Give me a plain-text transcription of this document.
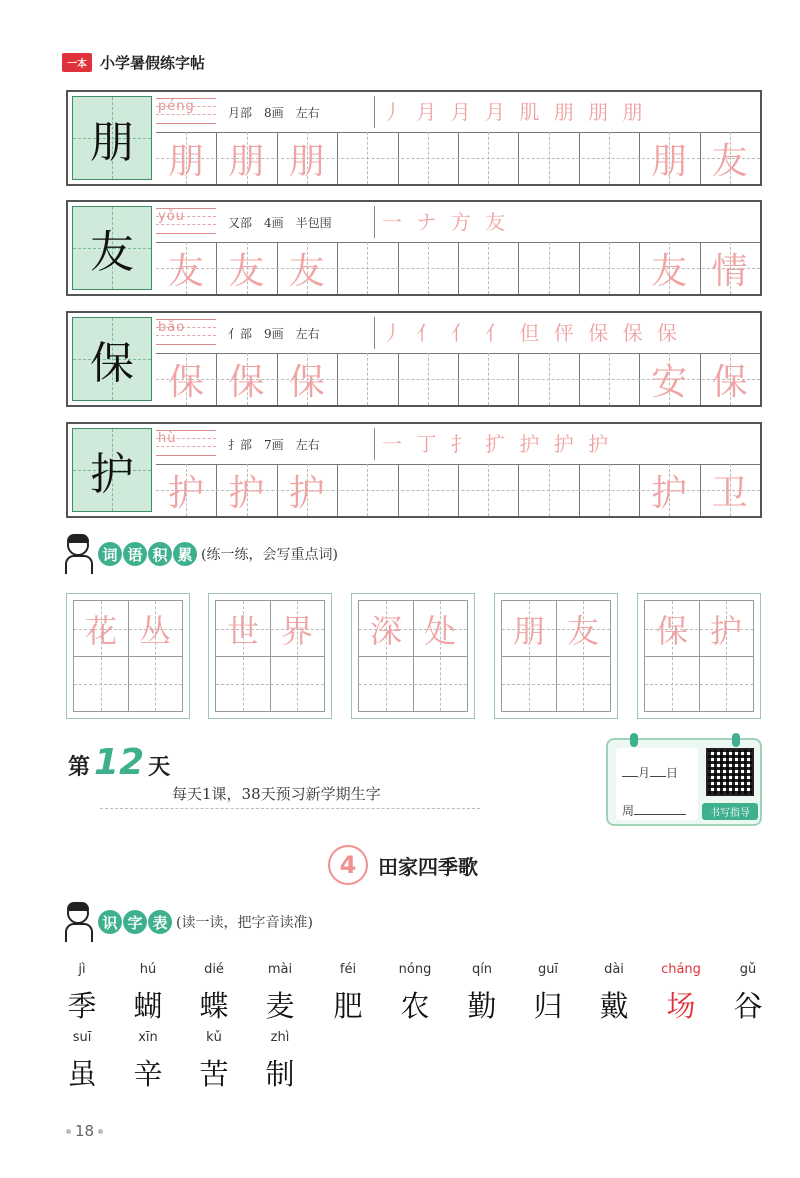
一本 小学暑假练字帖
朋
péng	月部 8画 左右	丿 月 月 月 肌 朋 朋 朋
朋 朋 朋	朋 友
友
yǒu	又部 4画 半包围	一 ナ 方 友
友 友 友	友 情
保
bǎo	亻部 9画 左右	丿 亻 亻 亻 但 伻 保 保 保
保 保 保	安 保
护
hù	扌部 7画 左右	一 丁 扌 扩 护 护 护
护 护 护	护 卫
词 语 积 累 (练一练，会写重点词)
花 丛	世 界	深 处	朋 友	保 护
第 12 天
每天1课，38天预习新学期生字
月 日
周	书写指导
4	田家四季歌
识 字 表 (读一读，把字音读准)
jì
季
hú
蝴
dié
蝶
mài
麦
féi
肥
nóng
农
qín
勤
guī
归
dài
戴
cháng
场
gǔ
谷
suī
虽
xīn
辛
kǔ
苦
zhì
制
18
